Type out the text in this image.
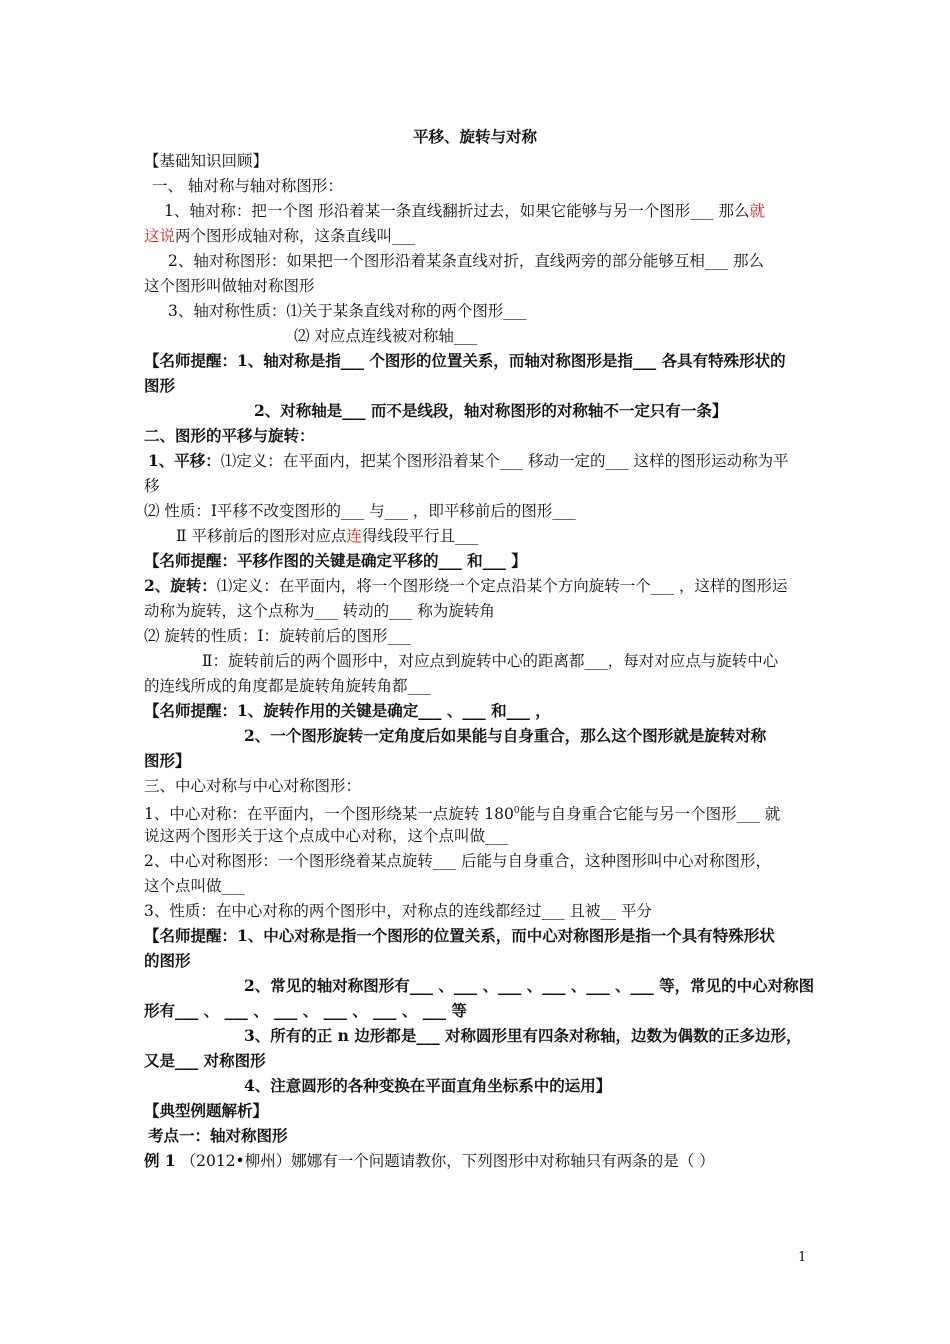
平移、旋转与对称
【基础知识回顾】
一、 轴对称与轴对称图形：
1、轴对称：把一个图 形沿着某一条直线翻折过去，如果它能够与另一个图形___ 那么就
这说两个图形成轴对称，这条直线叫___
2、轴对称图形：如果把一个图形沿着某条直线对折，直线两旁的部分能够互相___ 那么
这个图形叫做轴对称图形
3、轴对称性质：⑴关于某条直线对称的两个图形___
⑵ 对应点连线被对称轴___
【名师提醒：1、轴对称是指___ 个图形的位置关系，而轴对称图形是指___ 各具有特殊形状的
图形
2、对称轴是___ 而不是线段，轴对称图形的对称轴不一定只有一条】
二、图形的平移与旋转：
1、平移：⑴定义：在平面内，把某个图形沿着某个___ 移动一定的___ 这样的图形运动称为平
移
⑵ 性质：Ⅰ平移不改变图形的___ 与___ ，即平移前后的图形___
Ⅱ 平移前后的图形对应点连得线段平行且___
【名师提醒：平移作图的关键是确定平移的___ 和___ 】
2、旋转：⑴定义：在平面内，将一个图形绕一个定点沿某个方向旋转一个___ ，这样的图形运
动称为旋转，这个点称为___ 转动的___ 称为旋转角
⑵ 旋转的性质：Ⅰ：旋转前后的图形___
Ⅱ：旋转前后的两个圆形中，对应点到旋转中心的距离都___，每对对应点与旋转中心
的连线所成的角度都是旋转角旋转角都___
【名师提醒：1、旋转作用的关键是确定___ 、___ 和___ ，
2、一个图形旋转一定角度后如果能与自身重合，那么这个图形就是旋转对称
图形】
三、中心对称与中心对称图形：
1、中心对称：在平面内，一个图形绕某一点旋转 $180^0$能与自身重合它能与另一个图形___ 就
说这两个图形关于这个点成中心对称，这个点叫做___
2、中心对称图形：一个图形绕着某点旋转___ 后能与自身重合，这种图形叫中心对称图形，
这个点叫做___
3、性质：在中心对称的两个图形中，对称点的连线都经过___ 且被__ 平分
【名师提醒：1、中心对称是指一个图形的位置关系，而中心对称图形是指一个具有特殊形状
的图形
2、常见的轴对称图形有___ 、___ 、___ 、___ 、___ 、___ 等，常见的中心对称图
形有___ 、 ___ 、 ___ 、 ___ 、 ___ 、 ___ 等
3、所有的正 n 边形都是___ 对称圆形里有四条对称轴，边数为偶数的正多边形，
又是___ 对称图形
4、注意圆形的各种变换在平面直角坐标系中的运用】
【典型例题解析】
考点一：轴对称图形
例 1 （2012•柳州）娜娜有一个问题请教你，下列图形中对称轴只有两条的是（ ）
1
